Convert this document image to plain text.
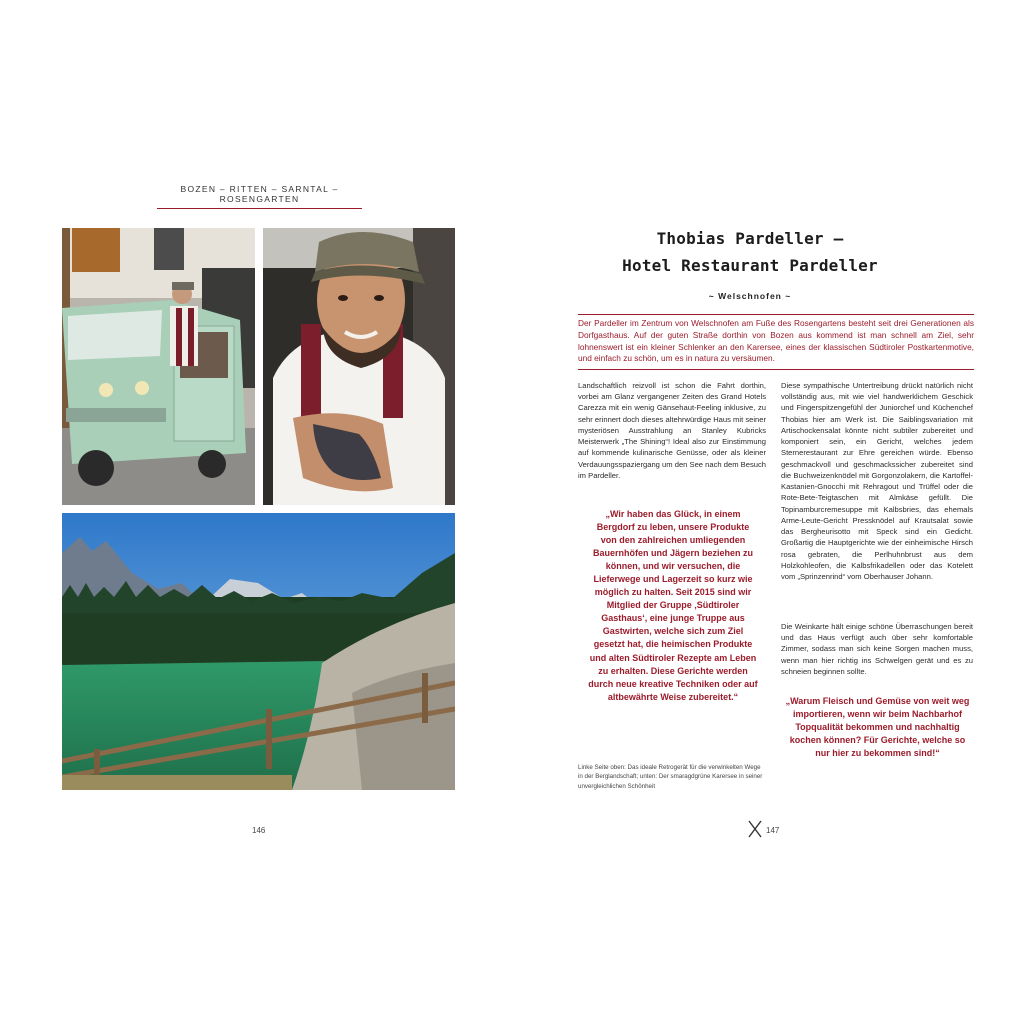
BOZEN – RITTEN – SARNTAL – ROSENGARTEN
146
Thobias Pardeller –
Hotel Restaurant Pardeller
~ Welschnofen ~
Der Pardeller im Zentrum von Welschnofen am Fuße des Rosengartens besteht seit drei Generationen als Dorfgasthaus. Auf der guten Straße dorthin von Bozen aus kommend ist man schnell am Ziel, sehr lohnenswert ist ein kleiner Schlenker an den Karersee, eines der klassischen Südtiroler Postkartenmotive, und einfach zu schön, um es in natura zu versäumen.
Landschaftlich reizvoll ist schon die Fahrt dorthin, vorbei am Glanz vergangener Zeiten des Grand Hotels Carezza mit ein wenig Gänsehaut-Feeling inklusive, zu sehr erinnert doch dieses altehrwürdige Haus mit seiner mysteriösen Ausstrahlung an Stanley Kubricks Meisterwerk „The Shining“! Ideal also zur Einstimmung auf kommende kulinarische Genüsse, oder als kleiner Verdauungsspaziergang um den See nach dem Besuch im Pardeller.
„Wir haben das Glück, in einem Bergdorf zu leben, unsere Produkte von den zahlreichen umliegenden Bauernhöfen und Jägern beziehen zu können, und wir versuchen, die Lieferwege und Lagerzeit so kurz wie möglich zu halten. Seit 2015 sind wir Mitglied der Gruppe ‚Südtiroler Gasthaus‘, eine junge Truppe aus Gastwirten, welche sich zum Ziel gesetzt hat, die heimischen Produkte und alten Südtiroler Rezepte am Leben zu erhalten. Diese Gerichte werden durch neue kreative Techniken oder auf altbewährte Weise zubereitet.“
Linke Seite oben: Das ideale Retrogerät für die verwinkelten Wege in der Berglandschaft; unten: Der smaragdgrüne Karersee in seiner unvergleichlichen Schönheit
Diese sympathische Untertreibung drückt natürlich nicht vollständig aus, mit wie viel handwerklichem Geschick und Fingerspitzengefühl der Juniorchef und Küchenchef Thobias hier am Werk ist. Die Saiblingsvariation mit Artischockensalat könnte nicht subtiler zubereitet und komponiert sein, ein Gericht, welches jedem Sternerestaurant zur Ehre gereichen würde. Ebenso geschmackvoll und geschmackssicher zubereitet sind die Buchweizenknödel mit Gorgonzolakern, die Kartoffel-Kastanien-Gnocchi mit Rehragout und Trüffel oder die Rote-Bete-Teigtaschen mit Almkäse gefüllt. Die Topinamburcremesuppe mit Kalbsbries, das ehemals Arme-Leute-Gericht Pressknödel auf Krautsalat sowie das Bergheurisotto mit Speck sind ein Gedicht. Großartig die Hauptgerichte wie der einheimische Hirsch rosa gebraten, die Perlhuhnbrust aus dem Holzkohleofen, die Kalbsfrikadellen oder das Kotelett vom „Sprinzenrind“ vom Oberhauser Johann.
Die Weinkarte hält einige schöne Überraschungen bereit und das Haus verfügt auch über sehr komfortable Zimmer, sodass man sich keine Sorgen machen muss, wenn man hier richtig ins Schwelgen gerät und es zu schneien beginnen sollte.
„Warum Fleisch und Gemüse von weit weg importieren, wenn wir beim Nachbarhof Topqualität bekommen und nachhaltig kochen können? Für Gerichte, welche so nur hier zu bekommen sind!“
147
